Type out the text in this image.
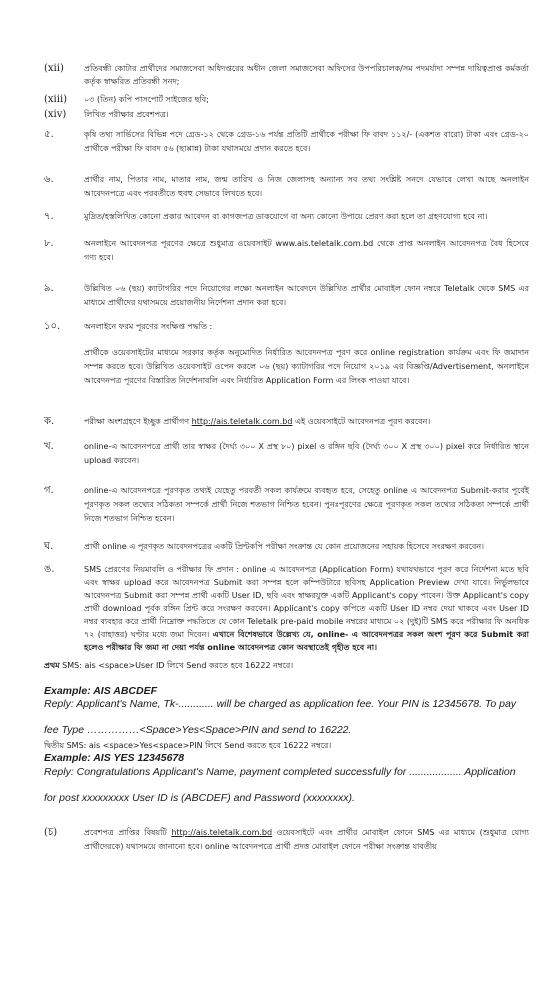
(xii)	প্রতিবন্ধী কোটার প্রার্থীদের সমাজসেবা অধিদপ্তরের অধীন জেলা সমাজসেবা অফিসের উপপরিচালক/সম পদমর্যাদা সম্পন্ন দায়িত্বপ্রাপ্ত কর্মকর্তা কর্তৃক স্বাক্ষরিত প্রতিবন্ধী সনদ;
(xiii)	০৩ (তিন) কপি পাসপোর্ট সাইজের ছবি;
(xiv)	লিখিত পরীক্ষার প্রবেশপত্র।
৫.	কৃষি তথ্য সার্ভিসের বিভিন্ন পদে গ্রেড-১২ থেকে গ্রেড-১৬ পর্যন্ত প্রতিটি প্রার্থীকে পরীক্ষা ফি বাবদ ১১২/- (একশত বারো) টাকা এবং গ্রেড-২০ প্রার্থীকে পরীক্ষা ফি বাবদ ৫৬ (ছাপ্পান্ন) টাকা যথাসময়ে প্রদান করতে হবে।
৬.	প্রার্থীর নাম, পিতার নাম, মাতার নাম, জন্ম তারিখ ও নিজ জেলাসহ অন্যান্য সব তথ্য সংশ্লিষ্ট সনদে যেভাবে লেখা আছে অনলাইন আবেদনপত্রে এবং পরবর্তীতে হুবহু সেভাবে লিখতে হবে।
৭.	মুদ্রিত/হস্তলিখিত কোনো প্রকার আবেদন বা কাগজপত্র ডাকযোগে বা অন্য কোনো উপায়ে প্রেরণ করা হলে তা গ্রহণযোগ্য হবে না।
৮.	অনলাইনে আবেদনপত্র পূরণের ক্ষেত্রে শুধুমাত্র ওয়েবসাইট www.ais.teletalk.com.bd থেকে প্রাপ্ত অনলাইন আবেদনপত্র বৈধ হিসেবে গণ্য হবে।
৯.	উল্লিখিত ০৬ (ছয়) ক্যাটাগরির পদে নিয়োগের লক্ষ্যে অনলাইন আবেদনে উল্লিখিত প্রার্থীর মোবাইল ফোন নম্বরে Teletalk থেকে SMS এর মাধ্যমে প্রার্থীদের যথাসময়ে প্রয়োজনীয় নির্দেশনা প্রদান করা হবে।
১০.	অনলাইনে ফরম পূরণের সংক্ষিপ্ত পদ্ধতি :
প্রার্থীকে ওয়েবসাইটের মাধ্যমে সরকার কর্তৃক অনুমোদিত নির্ধারিত আবেদনপত্র পূরণ করে online registration কার্যক্রম এবং ফি জমাদান সম্পন্ন করতে হবে। উল্লিখিত ওয়েবসাইট ওপেন করলে ০৬ (ছয়) ক্যাটাগরির পদে নিয়োগ ২০১৯ এর বিজ্ঞপ্তি/Advertisement, অনলাইনে আবেদনপত্র পূরণের বিস্তারিত নির্দেশনাবলি এবং নির্ধারিত Application Form এর লিংক পাওয়া যাবে।
ক.	পরীক্ষা অংশগ্রহণে ইচ্ছুক প্রার্থীগণ http://ais.teletalk.com.bd এই ওয়েবসাইটে আবেদনপত্র পূরণ করবেন।
খ.	online-এ আবেদনপত্রে প্রার্থী তার স্বাক্ষর (দৈর্ঘ্য ৩০০ X প্রস্থ ৮০) pixel ও রঙ্গিন ছবি (দৈর্ঘ্য ৩০০ X প্রস্থ ৩০০) pixel করে নির্ধারিত স্থানে upload করবেন।
গ.	online-এ আবেদনপত্রে পূরণকৃত তথ্যই যেহেতু পরবর্তী সকল কার্যক্রমে ব্যবহৃত হবে, সেহেতু online এ আবেদনপত্র Submit-করার পূর্বেই পূরণকৃত সকল তথ্যের সঠিকতা সম্পর্কে প্রার্থী নিজে শতভাগ নিশ্চিত হবেন। পুনঃপূরণের ক্ষেত্রে পূরণকৃত সকল তথ্যের সঠিকতা সম্পর্কে প্রার্থী নিজে শতভাগ নিশ্চিত হবেন।
ঘ.	প্রার্থী online এ পূরণকৃত আবেদনপত্রের একটি প্রিন্টকপি পরীক্ষা সংক্রান্ত যে কোন প্রয়োজনের সহায়ক হিসেবে সংরক্ষণ করবেন।
ঙ.	SMS প্রেরণের নিয়মাবলি ও পরীক্ষার ফি প্রদান : online এ আবেদনপত্র (Application Form) যথাযথভাবে পূরণ করে নির্দেশনা মতে ছবি এবং স্বাক্ষর upload করে আবেদনপত্র Submit করা সম্পন্ন হলে কম্পিউটারে ছবিসহ Application Preview দেখা যাবে। নির্ভুলভাবে আবেদনপত্র Submit করা সম্পন্ন প্রার্থী একটি User ID, ছবি এবং স্বাক্ষরযুক্ত একটি Applicant's copy পাবেন। উক্ত Applicant's copy প্রার্থী download পূর্বক রঙ্গিন প্রিন্ট করে সংরক্ষণ করবেন। Applicant's copy কপিতে একটি User ID নম্বর দেয়া থাকবে এবং User ID নম্বর ব্যবহার করে প্রার্থী নিম্নোক্ত পদ্ধতিতে যে কোন Teletalk pre-paid mobile নম্বরের মাধ্যমে ০২ (দুই)টি SMS করে পরীক্ষার ফি অনধিক ৭২ (বাহাত্তর) ঘণ্টার মধ্যে জমা দিবেন। এখানে বিশেষভাবে উল্লেখ্য যে, online- এ আবেদনপত্রর সকল অংশ পূরণ করে Submit করা হলেও পরীক্ষার ফি জমা না দেয়া পর্যন্ত online আবেদনপত্র কোন অবস্থাতেই গৃহীত হবে না।
প্রথম SMS: ais <space>User ID লিখে Send করতে হবে 16222 নম্বরে।
Example: AIS ABCDEF
Reply: Applicant's Name, Tk-............ will be charged as application fee. Your PIN is 12345678. To pay
fee Type ……………<Space>Yes<Space>PIN and send to 16222.
দ্বিতীয় SMS: ais <space>Yes<space>PIN লিখে Send করতে হবে 16222 নম্বরে।
Example: AIS YES 12345678
Reply: Congratulations Applicant's Name, payment completed successfully for .................. Application
for post xxxxxxxxx User ID is (ABCDEF) and Password (xxxxxxxx).
(চ)	প্রবেশপত্র প্রাপ্তির বিষয়টি http://ais.teletalk.com.bd ওয়েবসাইটে এবং প্রার্থীর মোবাইল ফোনে SMS এর মাধ্যমে (শুধুমাত্র যোগ্য প্রার্থীদেরকে) যথাসময়ে জানানো হবে। online আবেদনপত্রে প্রার্থী প্রদত্ত মোবাইল ফোনে পরীক্ষা সংক্রান্ত যাবতীয়
